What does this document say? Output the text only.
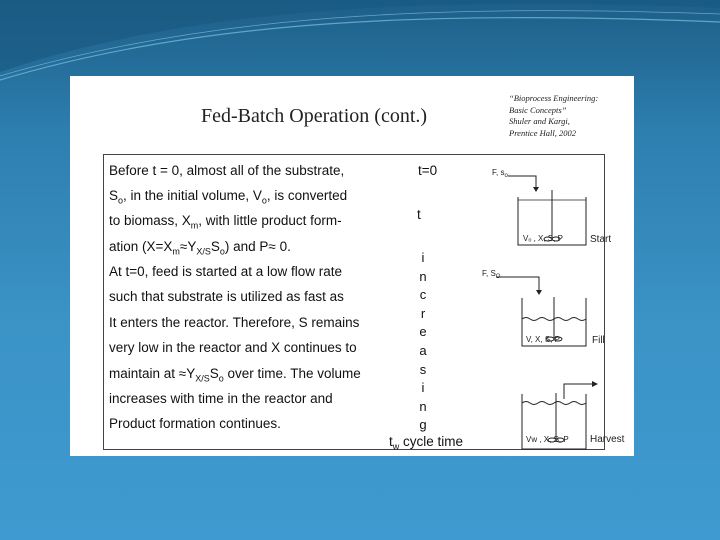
Fed-Batch Operation (cont.)
“Bioprocess Engineering:
Basic Concepts”
Shuler and Kargi,
Prentice Hall, 2002
Before t = 0, almost all of the substrate,
$S_o$, in the initial volume, $V_o$, is converted
to biomass, $X_m$, with little product form-
ation $(X=X_m\approx Y_{X/S}S_o)$ and P≈ 0.
At t=0, feed is started at a low flow rate
such that substrate is utilized as fast as
It enters the reactor. Therefore, S remains
very low in the reactor and X continues to
maintain at $\approx Y_{X/S}S_o$ over time. The volume
increases with time in the reactor and
Product formation continues.
t=0
t
i
n
c
r
e
a
s
i
n
g
$t_w$ cycle time
F, $s_o$
Vₒ , X, S, P	Start
F, $S_O$
V, X, S, P	Fill
Vᴡ , X, S, P Harvest
